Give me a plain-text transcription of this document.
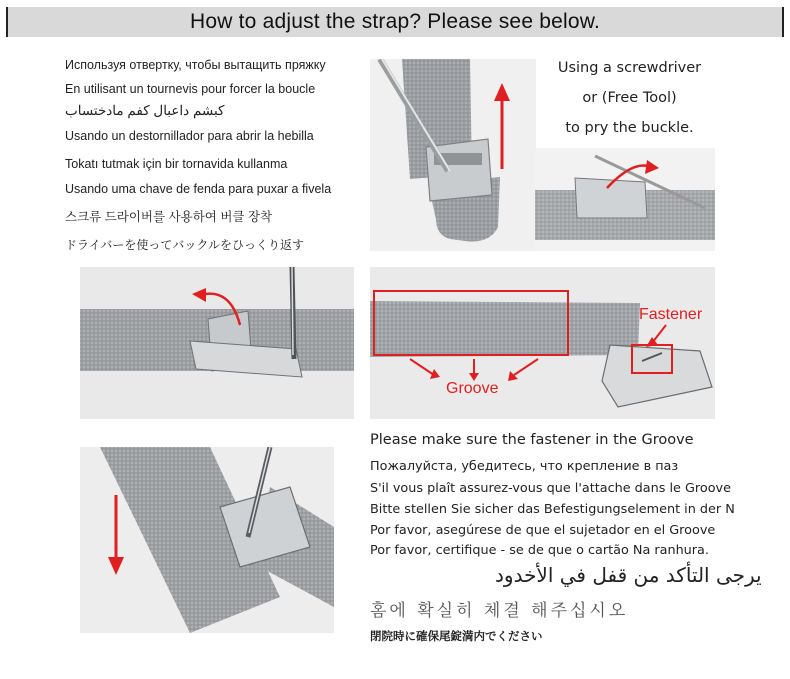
How to adjust the strap? Please see below.

Используя отвертку, чтобы вытащить пряжку

En utilisant un tournevis pour forcer la boucle

كبشم داعبال كفم مادختساب

Usando un destornillador para abrir la hebilla

Tokatı tutmak için bir tornavida kullanma

Usando uma chave de fenda para puxar a fivela

스크류 드라이버를 사용하여 버클 장착

ドライバーを使ってバックルをひっくり返す

Using a screwdriver
or (Free Tool)
to pry the buckle.
Fastener
Groove

Please make sure the fastener in the Groove

Пожалуйста, убедитесь, что крепление в паз

S'il vous plaît assurez-vous que l'attache dans le Groove

Bitte stellen Sie sicher das Befestigungselement in der N

Por favor, asegúrese de que el sujetador en el Groove

Por favor, certifique - se de que o cartão Na ranhura.

يرجى التأكد من قفل في الأخدود

홈에 확실히 체결 해주십시오

閉院時に確保尾錠満内でください
